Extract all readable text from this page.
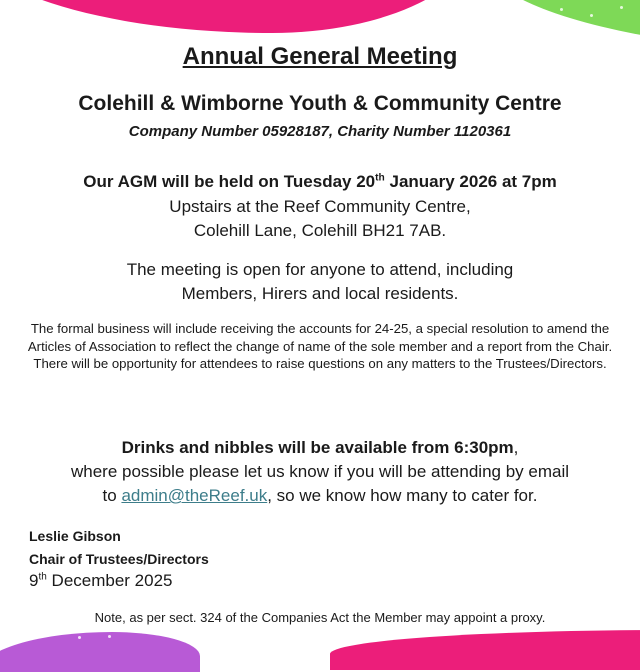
Annual General Meeting
Colehill & Wimborne Youth & Community Centre
Company Number 05928187, Charity Number 1120361
Our AGM will be held on Tuesday 20th January 2026 at 7pm
Upstairs at the Reef Community Centre,
Colehill Lane, Colehill BH21 7AB.
The meeting is open for anyone to attend, including
Members, Hirers and local residents.
The formal business will include receiving the accounts for 24-25, a special resolution to amend the Articles of Association to reflect the change of name of the sole member and a report from the Chair. There will be opportunity for attendees to raise questions on any matters to the Trustees/Directors.
Drinks and nibbles will be available from 6:30pm,
where possible please let us know if you will be attending by email
to admin@theReef.uk, so we know how many to cater for.
Leslie Gibson
Chair of Trustees/Directors
9th December 2025
Note, as per sect. 324 of the Companies Act the Member may appoint a proxy.
